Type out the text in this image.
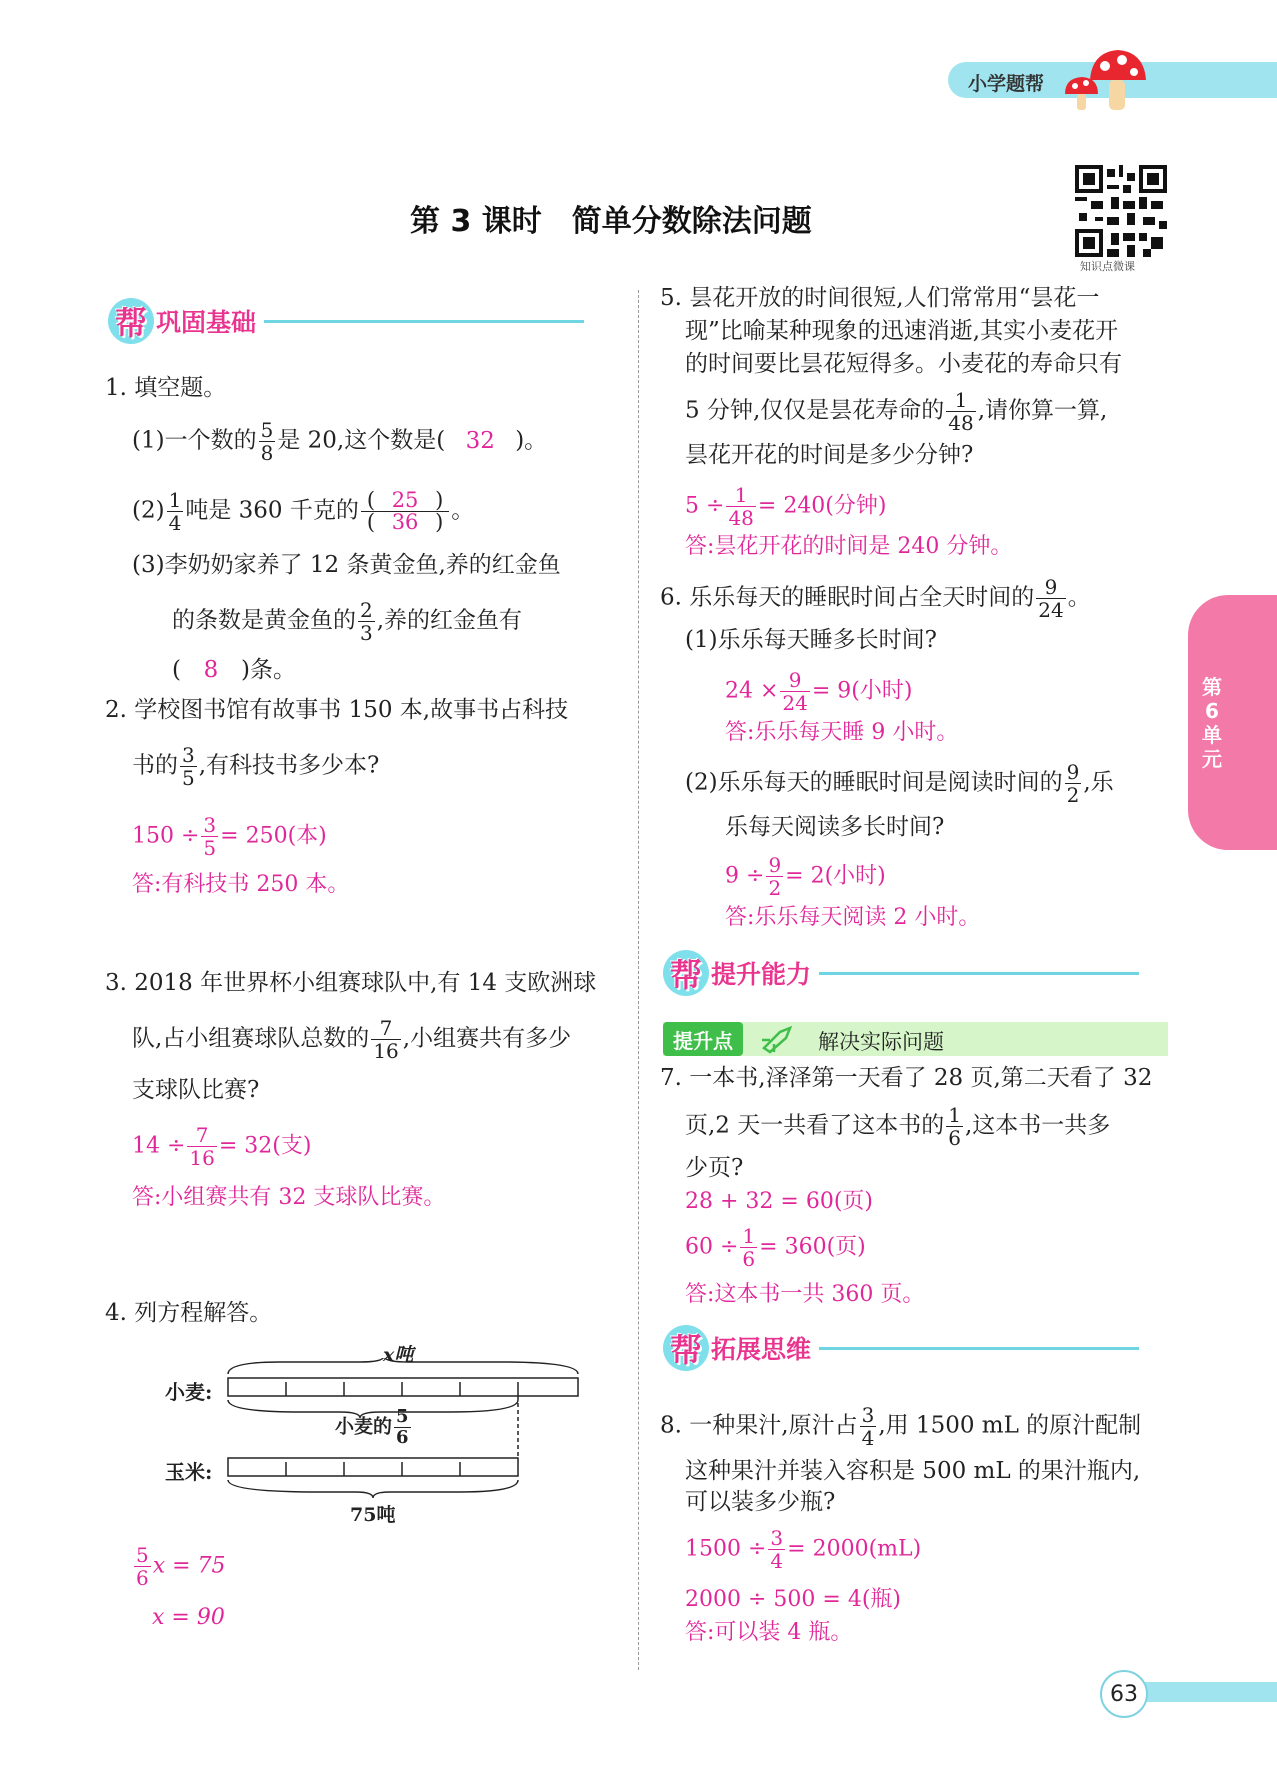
小学题帮
第 3 课时　简单分数除法问题
知识点微课
第
6
单
元
63
帮 巩固基础
1. 填空题。
(1)一个数的 $\frac{5}{8}$ 是 20,这个数是( 32 )。
$(2) \frac{1}{4}$ 吨是 360 千克的 $\frac{( 25 )}{( 36 )}$ 。
(3)李奶奶家养了 12 条黄金鱼,养的红金鱼
的条数是黄金鱼的 $\frac{2}{3}$ ,养的红金鱼有
( 8 )条。
2. 学校图书馆有故事书 150 本,故事书占科技
书的 $\frac{3}{5}$ ,有科技书多少本?
$150 \div \frac{3}{5} = 250$(本)
答:有科技书 250 本。
3. 2018 年世界杯小组赛球队中,有 14 支欧洲球
队,占小组赛球队总数的 $\frac{7}{16}$ ,小组赛共有多少
支球队比赛?
$14 \div \frac{7}{16} = 32$(支)
答:小组赛共有 32 支球队比赛。
4. 列方程解答。
x吨
小麦:
小麦的 $\frac{5}{6}$
玉米:
75吨
$\frac{5}{6}$ x = 75
x = 90
5. 昙花开放的时间很短,人们常常用“昙花一
现”比喻某种现象的迅速消逝,其实小麦花开
的时间要比昙花短得多。小麦花的寿命只有
5 分钟,仅仅是昙花寿命的 $\frac{1}{48}$ ,请你算一算,
昙花开花的时间是多少分钟?
$5 \div \frac{1}{48} = 240$(分钟)
答:昙花开花的时间是 240 分钟。
6. 乐乐每天的睡眠时间占全天时间的 $\frac{9}{24}$ 。
(1)乐乐每天睡多长时间?
$24 \times \frac{9}{24} = 9$(小时)
答:乐乐每天睡 9 小时。
(2)乐乐每天的睡眠时间是阅读时间的 $\frac{9}{2}$ ,乐
乐每天阅读多长时间?
$9 \div \frac{9}{2} = 2$(小时)
答:乐乐每天阅读 2 小时。
帮 提升能力
提升点	解决实际问题
7. 一本书,泽泽第一天看了 28 页,第二天看了 32
页,2 天一共看了这本书的 $\frac{1}{6}$ ,这本书一共多
少页?
28 + 32 = 60(页)
$60 \div \frac{1}{6} = 360$(页)
答:这本书一共 360 页。
帮 拓展思维
8. 一种果汁,原汁占 $\frac{3}{4}$ ,用 1500 mL 的原汁配制
这种果汁并装入容积是 500 mL 的果汁瓶内,
可以装多少瓶?
$1500 \div \frac{3}{4} = 2000(mL)$
2000 ÷ 500 = 4(瓶)
答:可以装 4 瓶。
